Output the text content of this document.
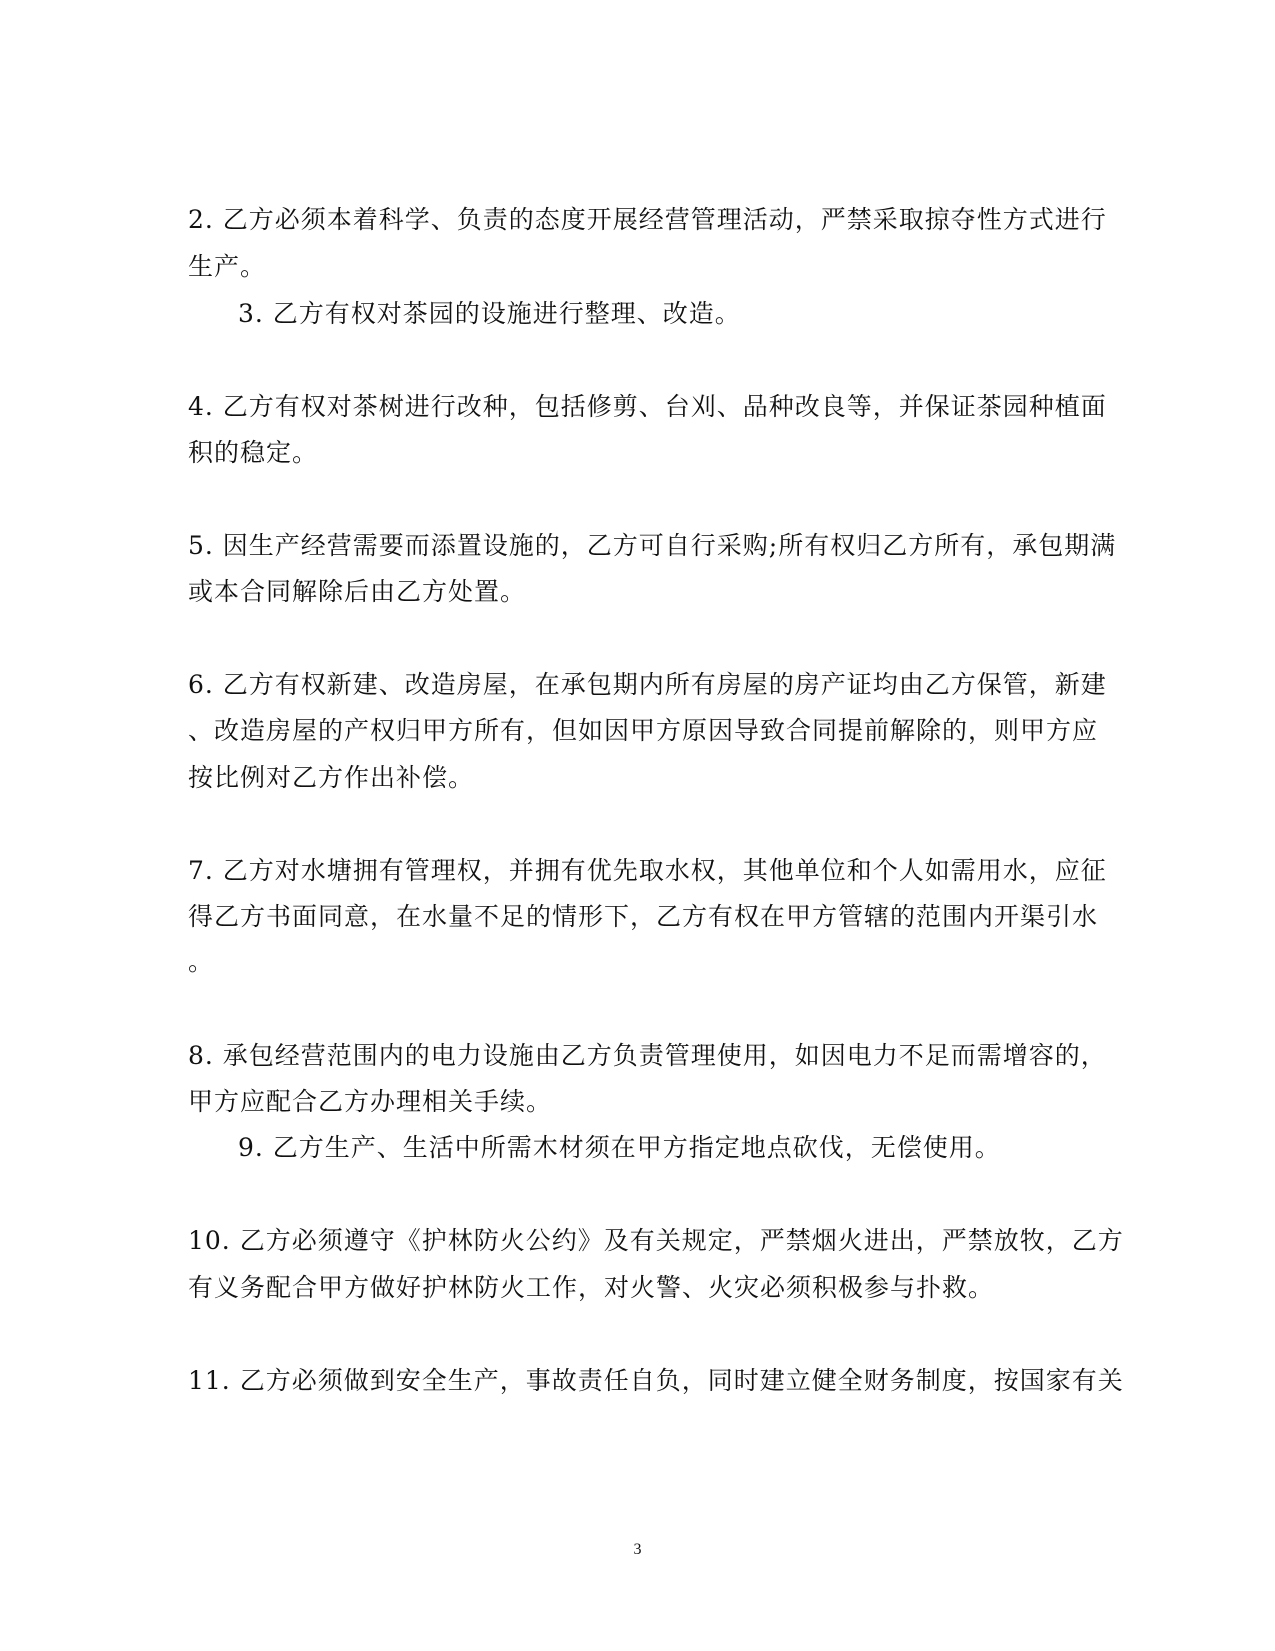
2. 乙方必须本着科学、负责的态度开展经营管理活动，严禁采取掠夺性方式进行
生产。
3. 乙方有权对茶园的设施进行整理、改造。
4. 乙方有权对茶树进行改种，包括修剪、台刈、品种改良等，并保证茶园种植面
积的稳定。
5. 因生产经营需要而添置设施的，乙方可自行采购;所有权归乙方所有，承包期满
或本合同解除后由乙方处置。
6. 乙方有权新建、改造房屋，在承包期内所有房屋的房产证均由乙方保管，新建
、改造房屋的产权归甲方所有，但如因甲方原因导致合同提前解除的，则甲方应
按比例对乙方作出补偿。
7. 乙方对水塘拥有管理权，并拥有优先取水权，其他单位和个人如需用水，应征
得乙方书面同意，在水量不足的情形下，乙方有权在甲方管辖的范围内开渠引水
。
8. 承包经营范围内的电力设施由乙方负责管理使用，如因电力不足而需增容的，
甲方应配合乙方办理相关手续。
9. 乙方生产、生活中所需木材须在甲方指定地点砍伐，无偿使用。
10. 乙方必须遵守《护林防火公约》及有关规定，严禁烟火进出，严禁放牧，乙方
有义务配合甲方做好护林防火工作，对火警、火灾必须积极参与扑救。
11. 乙方必须做到安全生产，事故责任自负，同时建立健全财务制度，按国家有关
3
